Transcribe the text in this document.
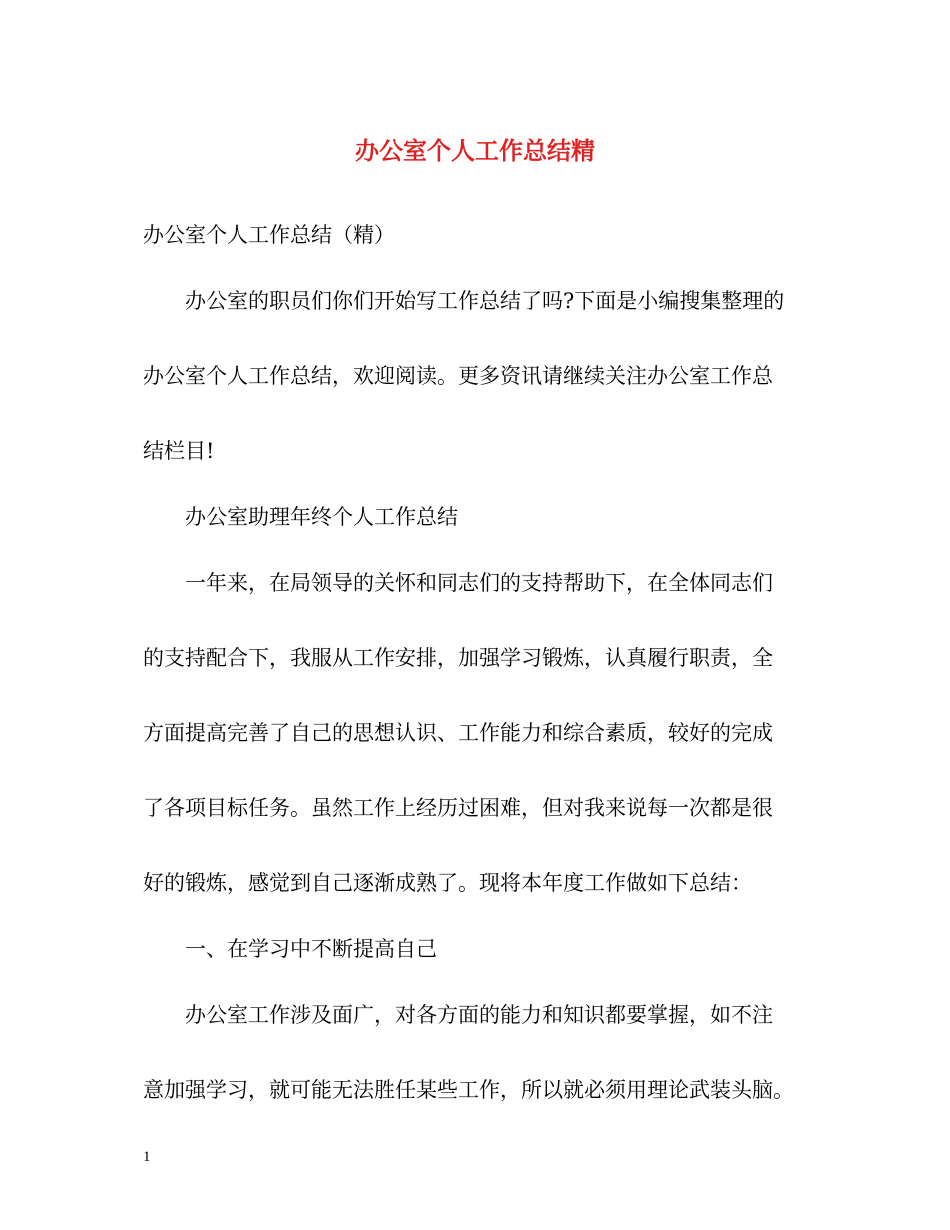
办公室个人工作总结精
办公室个人工作总结（精）
办公室的职员们你们开始写工作总结了吗?下面是小编搜集整理的
办公室个人工作总结，欢迎阅读。更多资讯请继续关注办公室工作总
结栏目!
办公室助理年终个人工作总结
一年来，在局领导的关怀和同志们的支持帮助下，在全体同志们
的支持配合下，我服从工作安排，加强学习锻炼，认真履行职责，全
方面提高完善了自己的思想认识、工作能力和综合素质，较好的完成
了各项目标任务。虽然工作上经历过困难，但对我来说每一次都是很
好的锻炼，感觉到自己逐渐成熟了。现将本年度工作做如下总结：
一、在学习中不断提高自己
办公室工作涉及面广，对各方面的能力和知识都要掌握，如不注
意加强学习，就可能无法胜任某些工作，所以就必须用理论武装头脑。
1
